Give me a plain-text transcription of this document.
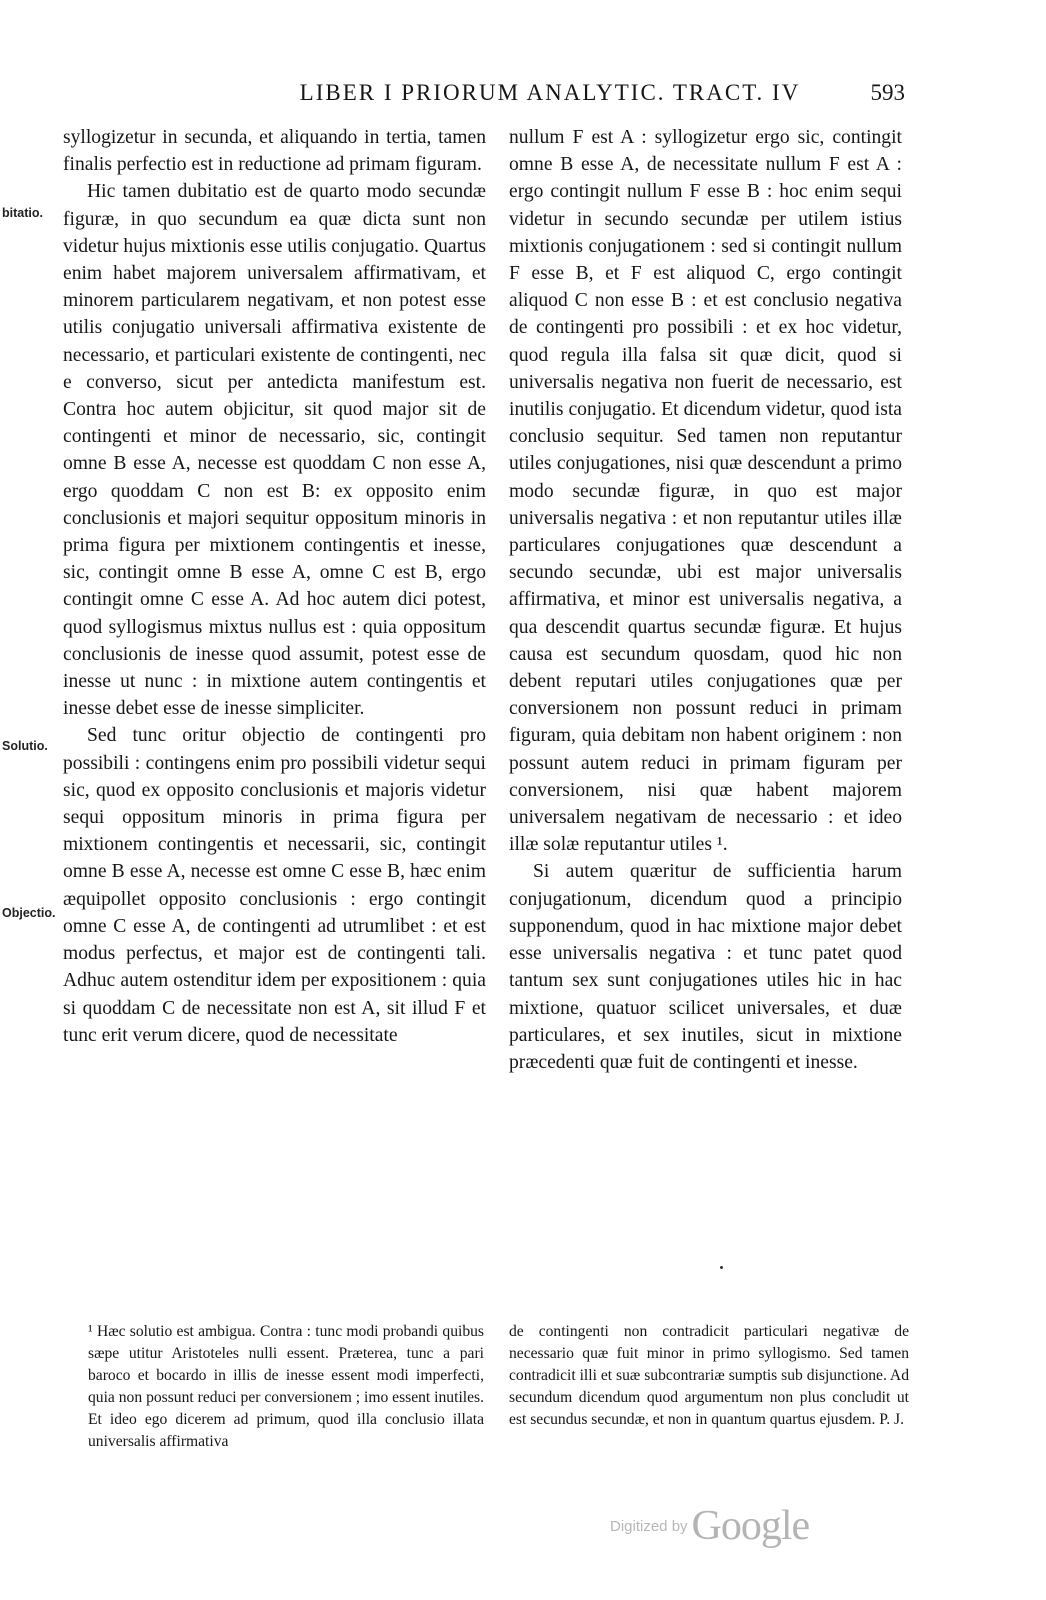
LIBER I PRIORUM ANALYTIC. TRACT. IV	593
bitatio.
Solutio.
Objectio.

syllogizetur in secunda, et aliquando in tertia, tamen finalis perfectio est in reductione ad primam figuram.

Hic tamen dubitatio est de quarto modo secundæ figuræ, in quo secundum ea quæ dicta sunt non videtur hujus mixtionis esse utilis conjugatio. Quartus enim habet majorem universalem affirmativam, et minorem particularem negativam, et non potest esse utilis conjugatio universali affirmativa existente de necessario, et particulari existente de contingenti, nec e converso, sicut per antedicta manifestum est. Contra hoc autem objicitur, sit quod major sit de contingenti et minor de necessario, sic, contingit omne B esse A, necesse est quoddam C non esse A, ergo quoddam C non est B: ex opposito enim conclusionis et majori sequitur oppositum minoris in prima figura per mixtionem contingentis et inesse, sic, contingit omne B esse A, omne C est B, ergo contingit omne C esse A. Ad hoc autem dici potest, quod syllogismus mixtus nullus est : quia oppositum conclusionis de inesse quod assumit, potest esse de inesse ut nunc : in mixtione autem contingentis et inesse debet esse de inesse simpliciter.

Sed tunc oritur objectio de contingenti pro possibili : contingens enim pro possibili videtur sequi sic, quod ex opposito conclusionis et majoris videtur sequi oppositum minoris in prima figura per mixtionem contingentis et necessarii, sic, contingit omne B esse A, necesse est omne C esse B, hæc enim æquipollet opposito conclusionis : ergo contingit omne C esse A, de contingenti ad utrumlibet : et est modus perfectus, et major est de contingenti tali. Adhuc autem ostenditur idem per expositionem : quia si quoddam C de necessitate non est A, sit illud F et tunc erit verum dicere, quod de necessitate

nullum F est A : syllogizetur ergo sic, contingit omne B esse A, de necessitate nullum F est A : ergo contingit nullum F esse B : hoc enim sequi videtur in secundo secundæ per utilem istius mixtionis conjugationem : sed si contingit nullum F esse B, et F est aliquod C, ergo contingit aliquod C non esse B : et est conclusio negativa de contingenti pro possibili : et ex hoc videtur, quod regula illa falsa sit quæ dicit, quod si universalis negativa non fuerit de necessario, est inutilis conjugatio. Et dicendum videtur, quod ista conclusio sequitur. Sed tamen non reputantur utiles conjugationes, nisi quæ descendunt a primo modo secundæ figuræ, in quo est major universalis negativa : et non reputantur utiles illæ particulares conjugationes quæ descendunt a secundo secundæ, ubi est major universalis affirmativa, et minor est universalis negativa, a qua descendit quartus secundæ figuræ. Et hujus causa est secundum quosdam, quod hic non debent reputari utiles conjugationes quæ per conversionem non possunt reduci in primam figuram, quia debitam non habent originem : non possunt autem reduci in primam figuram per conversionem, nisi quæ habent majorem universalem negativam de necessario : et ideo illæ solæ reputantur utiles ¹.

Si autem quæritur de sufficientia harum conjugationum, dicendum quod a principio supponendum, quod in hac mixtione major debet esse universalis negativa : et tunc patet quod tantum sex sunt conjugationes utiles hic in hac mixtione, quatuor scilicet universales, et duæ particulares, et sex inutiles, sicut in mixtione præcedenti quæ fuit de contingenti et inesse.

¹ Hæc solutio est ambigua. Contra : tunc modi probandi quibus sæpe utitur Aristoteles nulli essent. Præterea, tunc a pari baroco et bocardo in illis de inesse essent modi imperfecti, quia non possunt reduci per conversionem ; imo essent inutiles. Et ideo ego dicerem ad primum, quod illa conclusio illata universalis affirmativa

de contingenti non contradicit particulari negativæ de necessario quæ fuit minor in primo syllogismo. Sed tamen contradicit illi et suæ subcontrariæ sumptis sub disjunctione. Ad secundum dicendum quod argumentum non plus concludit ut est secundus secundæ, et non in quantum quartus ejusdem. P. J.

Digitized by Google
